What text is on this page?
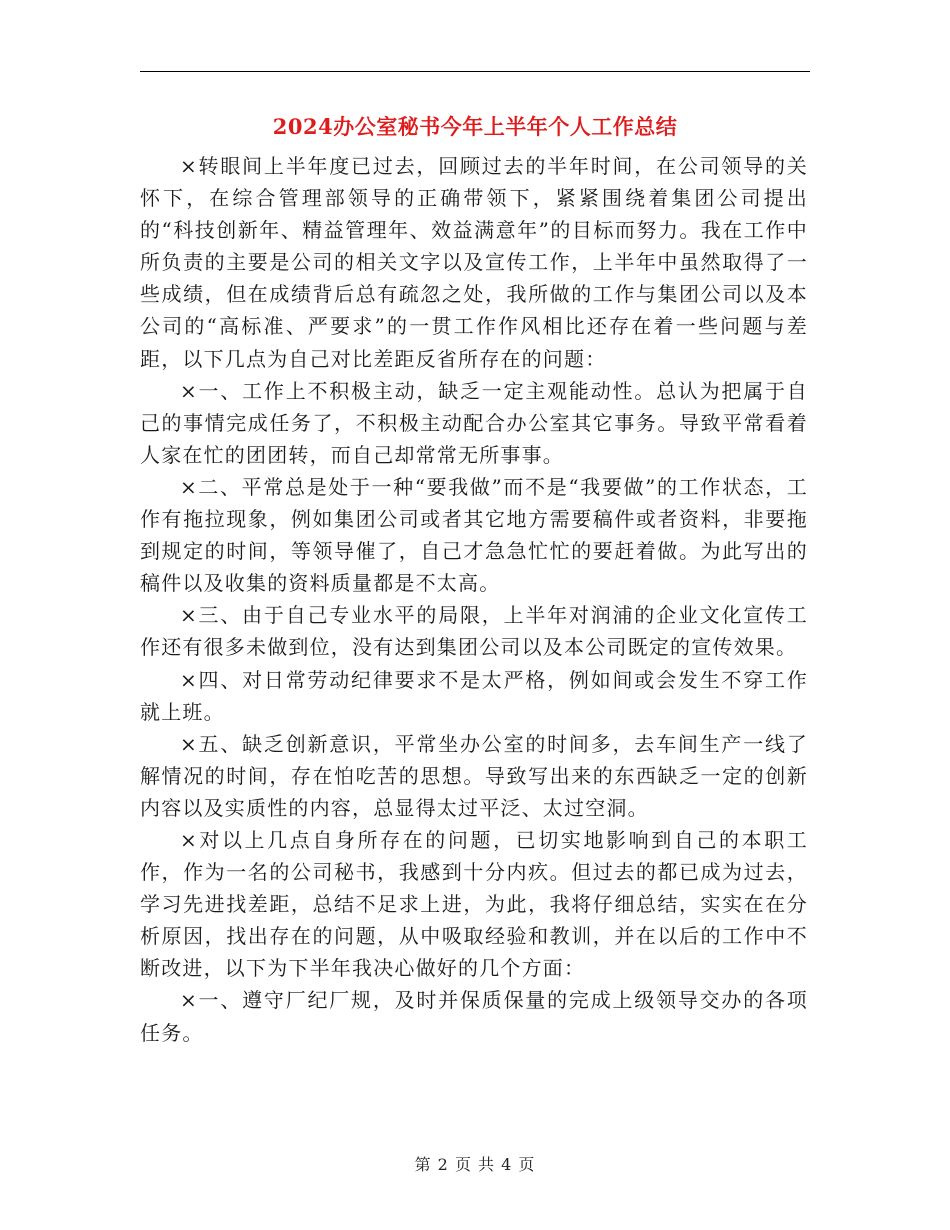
2024办公室秘书今年上半年个人工作总结

×转眼间上半年度已过去，回顾过去的半年时间，在公司领导的关怀下，在综合管理部领导的正确带领下，紧紧围绕着集团公司提出的“科技创新年、精益管理年、效益满意年”的目标而努力。我在工作中所负责的主要是公司的相关文字以及宣传工作，上半年中虽然取得了一些成绩，但在成绩背后总有疏忽之处，我所做的工作与集团公司以及本公司的“高标准、严要求”的一贯工作作风相比还存在着一些问题与差距，以下几点为自己对比差距反省所存在的问题：

×一、工作上不积极主动，缺乏一定主观能动性。总认为把属于自己的事情完成任务了，不积极主动配合办公室其它事务。导致平常看着人家在忙的团团转，而自己却常常无所事事。

×二、平常总是处于一种“要我做”而不是“我要做”的工作状态，工作有拖拉现象，例如集团公司或者其它地方需要稿件或者资料，非要拖到规定的时间，等领导催了，自己才急急忙忙的要赶着做。为此写出的稿件以及收集的资料质量都是不太高。

×三、由于自己专业水平的局限，上半年对润浦的企业文化宣传工作还有很多未做到位，没有达到集团公司以及本公司既定的宣传效果。

×四、对日常劳动纪律要求不是太严格，例如间或会发生不穿工作就上班。

×五、缺乏创新意识，平常坐办公室的时间多，去车间生产一线了解情况的时间，存在怕吃苦的思想。导致写出来的东西缺乏一定的创新内容以及实质性的内容，总显得太过平泛、太过空洞。

×对以上几点自身所存在的问题，已切实地影响到自己的本职工作，作为一名的公司秘书，我感到十分内疚。但过去的都已成为过去，学习先进找差距，总结不足求上进，为此，我将仔细总结，实实在在分析原因，找出存在的问题，从中吸取经验和教训，并在以后的工作中不断改进，以下为下半年我决心做好的几个方面：

×一、遵守厂纪厂规，及时并保质保量的完成上级领导交办的各项任务。

第 2 页 共 4 页
